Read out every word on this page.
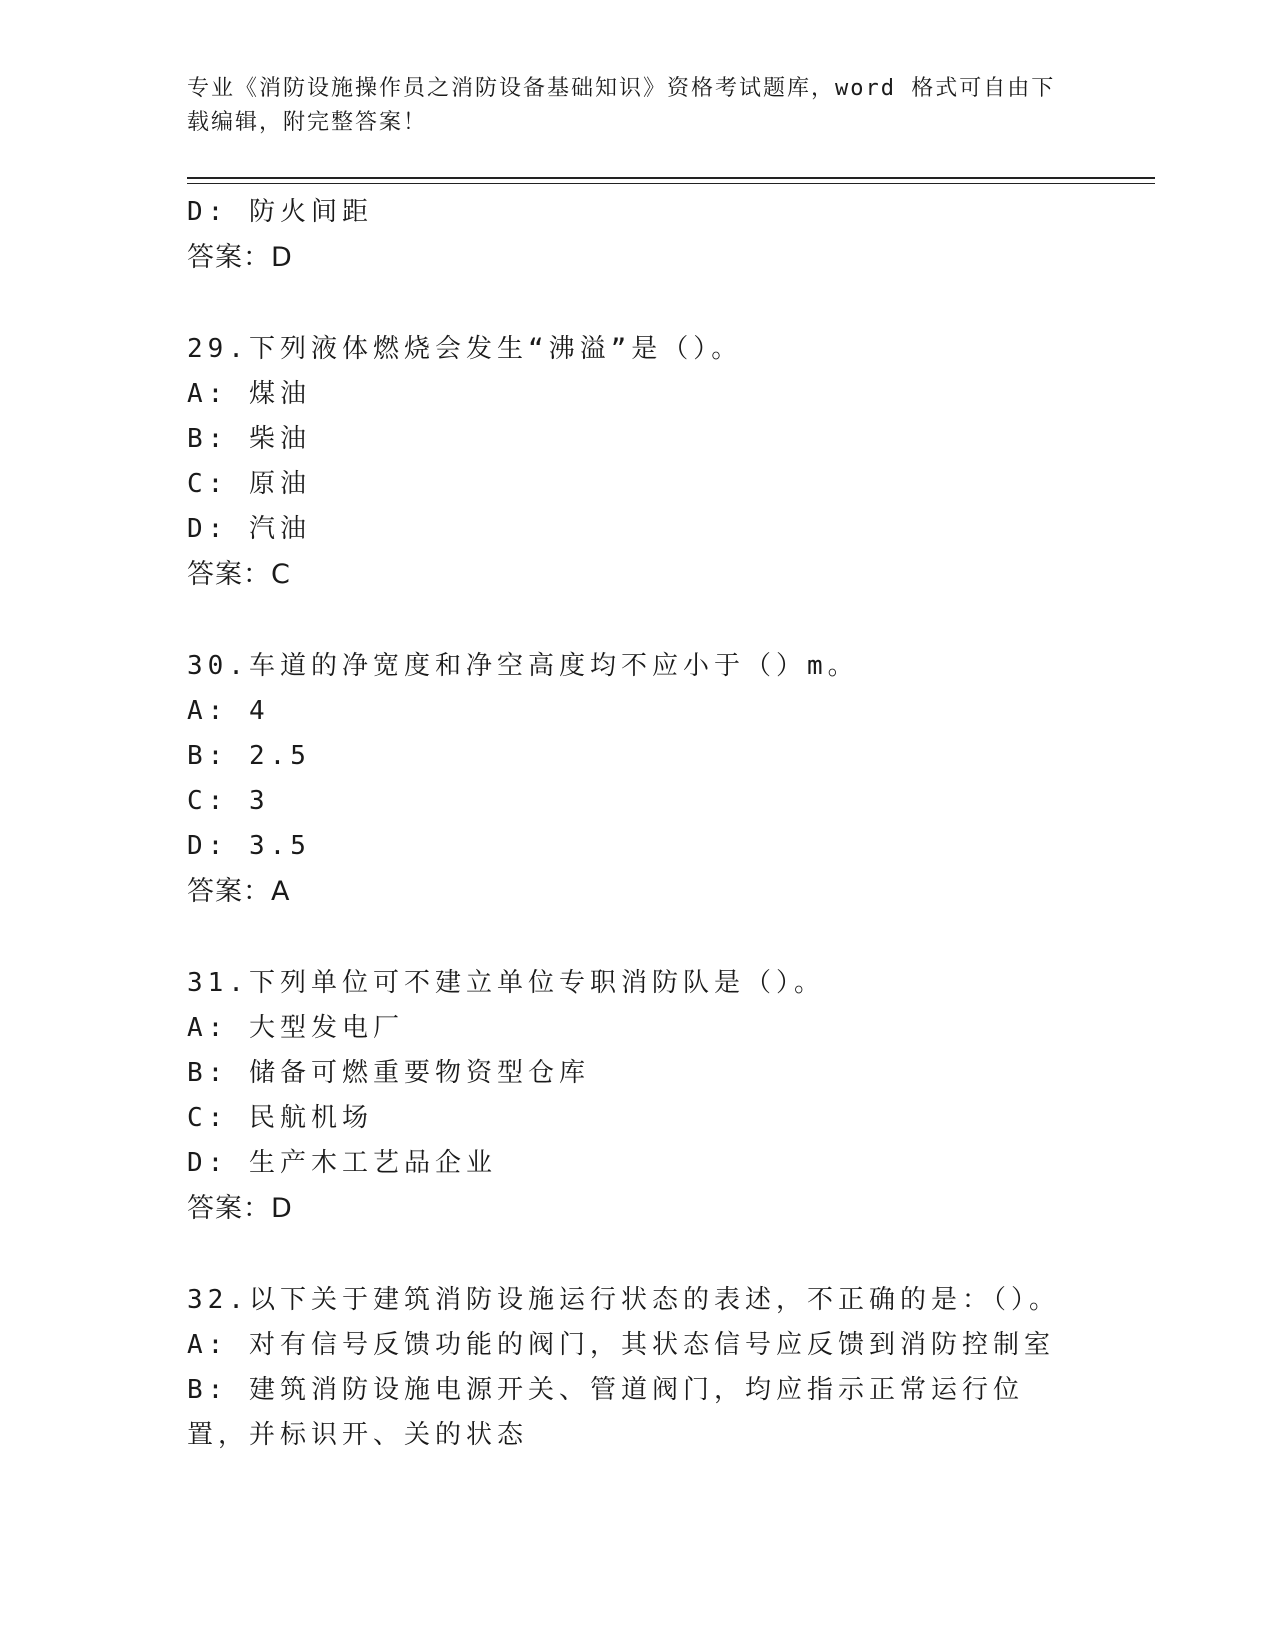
专业《消防设施操作员之消防设备基础知识》资格考试题库，word 格式可自由下载编辑，附完整答案！
D: 防火间距
答案：D
29.下列液体燃烧会发生“沸溢”是（）。
A: 煤油
B: 柴油
C: 原油
D: 汽油
答案：C
30.车道的净宽度和净空高度均不应小于（）m。
A: 4
B: 2.5
C: 3
D: 3.5
答案：A
31.下列单位可不建立单位专职消防队是（）。
A: 大型发电厂
B: 储备可燃重要物资型仓库
C: 民航机场
D: 生产木工艺品企业
答案：D
32.以下关于建筑消防设施运行状态的表述，不正确的是：（）。
A: 对有信号反馈功能的阀门，其状态信号应反馈到消防控制室
B: 建筑消防设施电源开关、管道阀门，均应指示正常运行位置，并标识开、关的状态
